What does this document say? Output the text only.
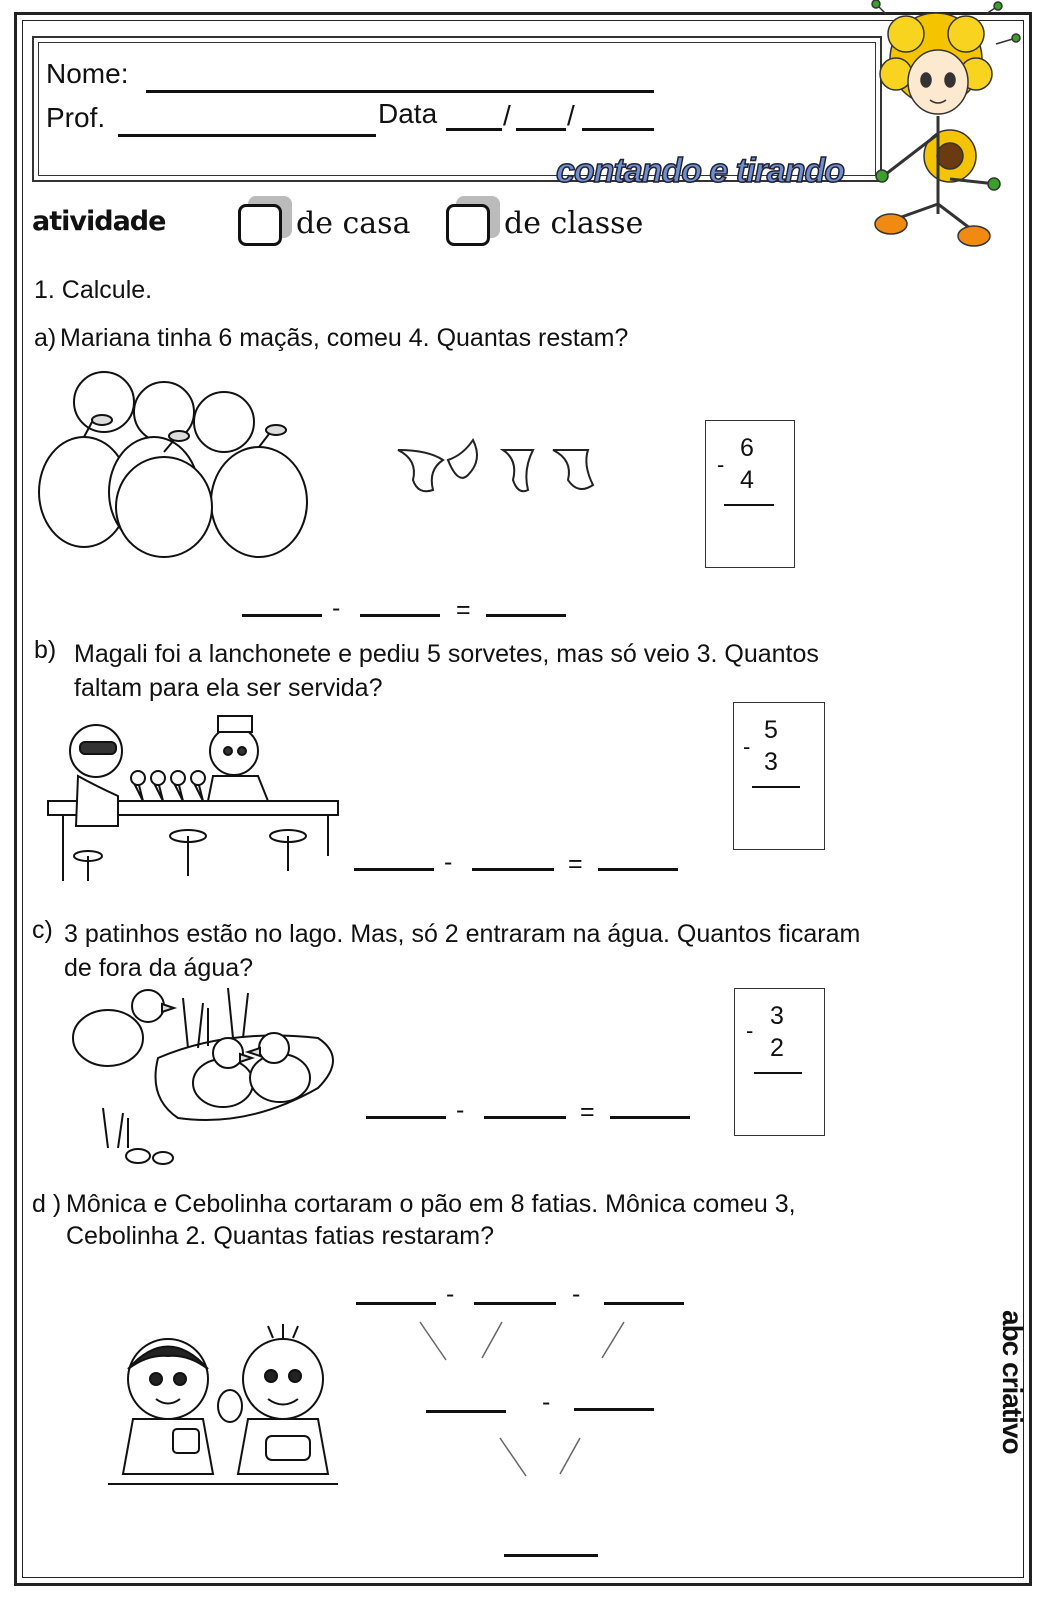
Nome:
Prof.	Data / /
contando e tirando
atividade	de casa	de classe
1. Calcule.
a) Mariana tinha 6 maçãs, comeu 4. Quantas restam?
6
4
-
-	=
b) Magali foi a lanchonete e pediu 5 sorvetes, mas só veio 3. Quantos
faltam para ela ser servida?
5
3
-
-	=
c) 3 patinhos estão no lago. Mas, só 2 entraram na água. Quantos ficaram
de fora da água?
3
2
-
-	=
d ) Mônica e Cebolinha cortaram o pão em 8 fatias. Mônica comeu 3,
Cebolinha 2. Quantas fatias restaram?
-	-
-	abc criativo
